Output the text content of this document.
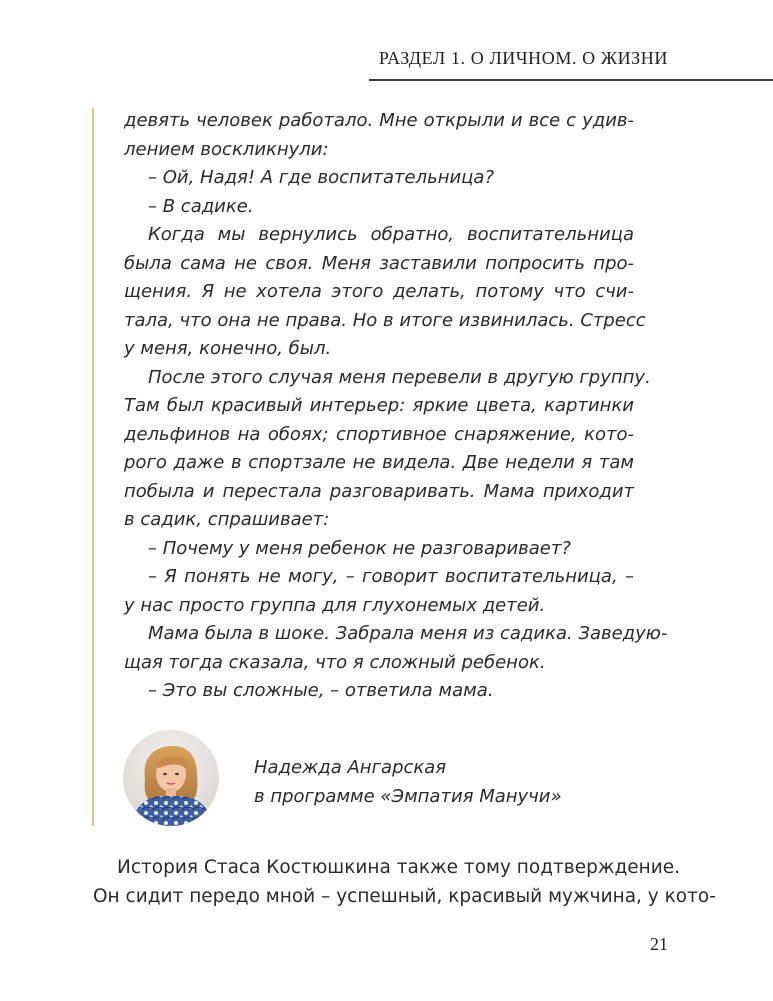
РАЗДЕЛ 1. О ЛИЧНОМ. О ЖИЗНИ
девять человек работало. Мне открыли и все с удив-
лением воскликнули:
– Ой, Надя! А где воспитательница?
– В садике.
Когда мы вернулись обратно, воспитательница
была сама не своя. Меня заставили попросить про-
щения. Я не хотела этого делать, потому что счи-
тала, что она не права. Но в итоге извинилась. Стресс
у меня, конечно, был.
После этого случая меня перевели в другую группу.
Там был красивый интерьер: яркие цвета, картинки
дельфинов на обоях; спортивное снаряжение, кото-
рого даже в спортзале не видела. Две недели я там
побыла и перестала разговаривать. Мама приходит
в садик, спрашивает:
– Почему у меня ребенок не разговаривает?
– Я понять не могу, – говорит воспитательница, –
у нас просто группа для глухонемых детей.
Мама была в шоке. Забрала меня из садика. Заведую-
щая тогда сказала, что я сложный ребенок.
– Это вы сложные, – ответила мама.
Надежда Ангарская
в программе «Эмпатия Манучи»
История Стаса Костюшкина также тому подтверждение.
Он сидит передо мной – успешный, красивый мужчина, у кото-
21
